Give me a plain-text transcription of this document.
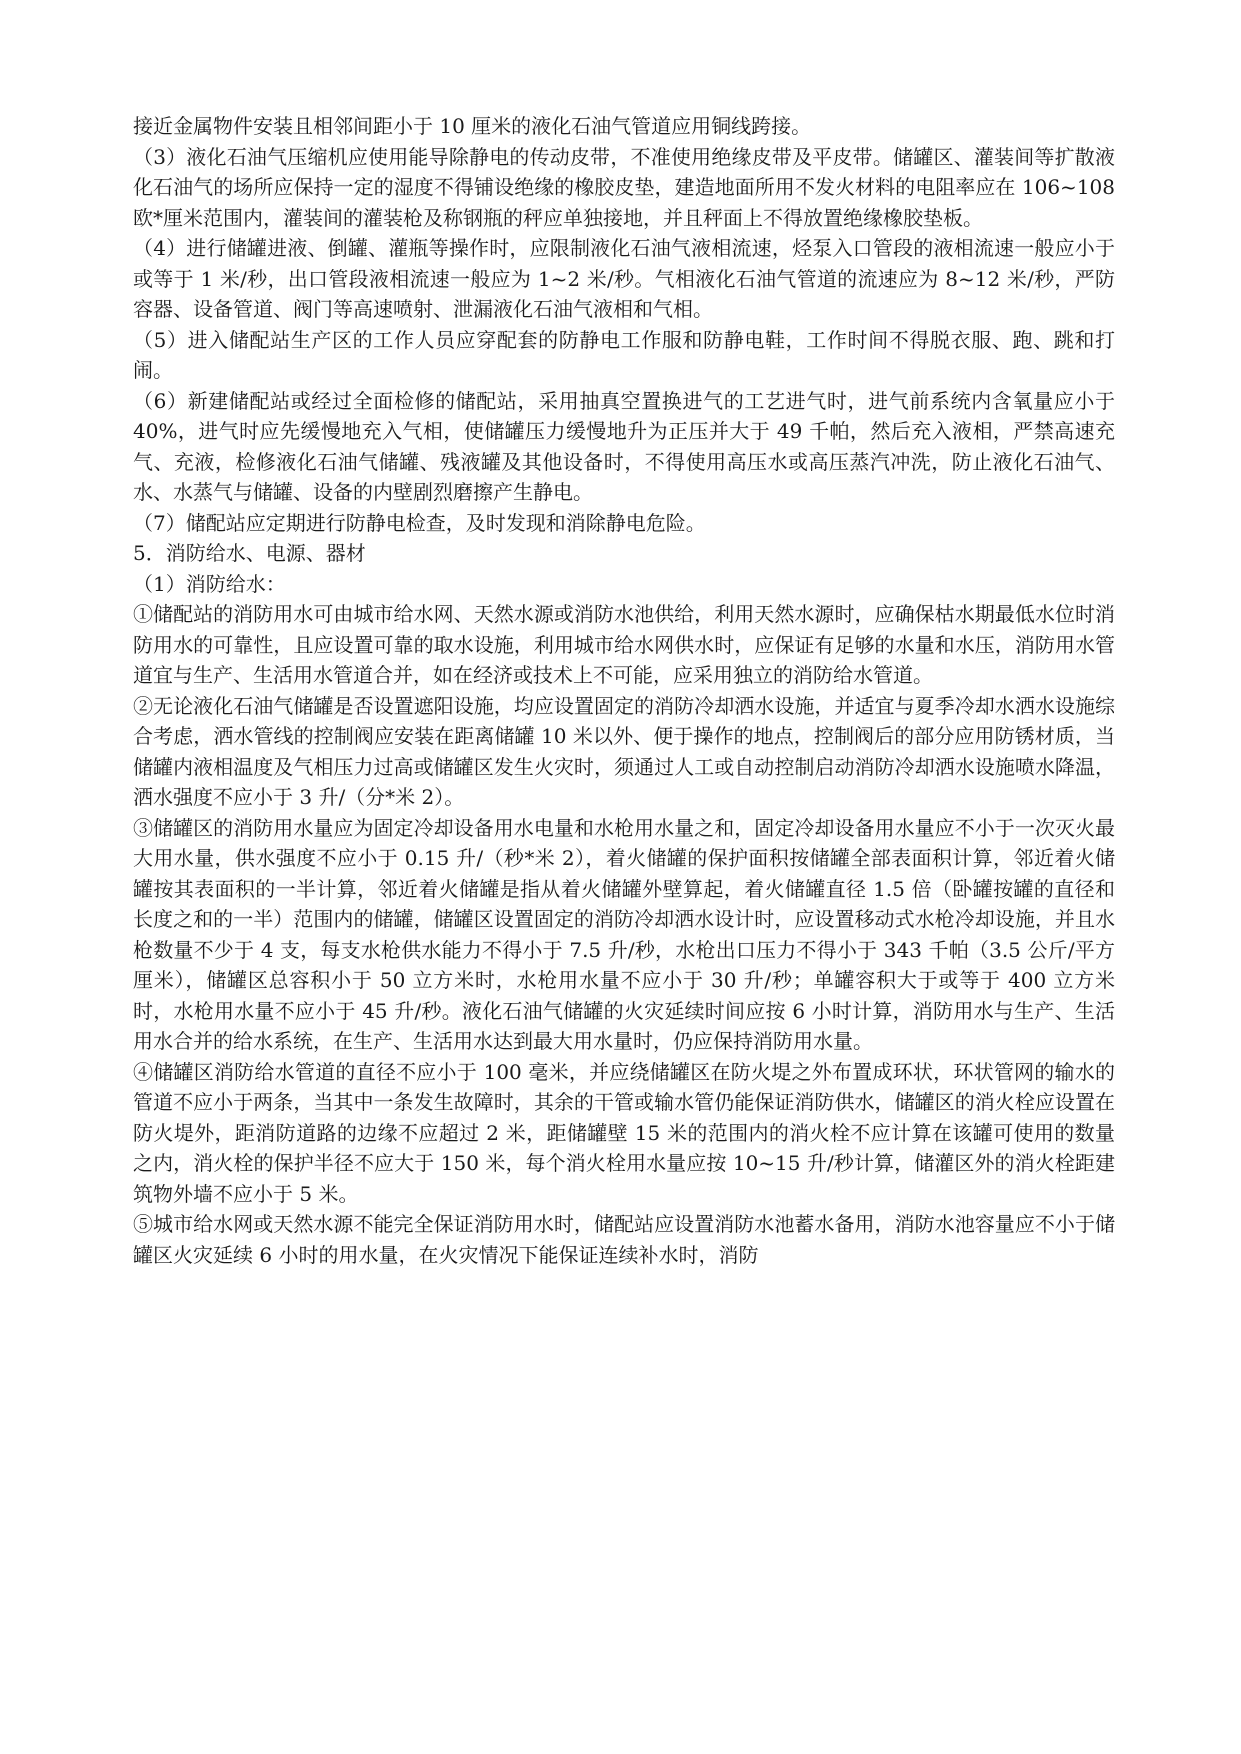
接近金属物件安装且相邻间距小于 10 厘米的液化石油气管道应用铜线跨接。

（3）液化石油气压缩机应使用能导除静电的传动皮带，不准使用绝缘皮带及平皮带。储罐区、灌装间等扩散液化石油气的场所应保持一定的湿度不得铺设绝缘的橡胶皮垫，建造地面所用不发火材料的电阻率应在 106~108 欧*厘米范围内，灌装间的灌装枪及称钢瓶的秤应单独接地，并且秤面上不得放置绝缘橡胶垫板。

（4）进行储罐进液、倒罐、灌瓶等操作时，应限制液化石油气液相流速，烃泵入口管段的液相流速一般应小于或等于 1 米/秒，出口管段液相流速一般应为 1~2 米/秒。气相液化石油气管道的流速应为 8~12 米/秒，严防容器、设备管道、阀门等高速喷射、泄漏液化石油气液相和气相。

（5）进入储配站生产区的工作人员应穿配套的防静电工作服和防静电鞋，工作时间不得脱衣服、跑、跳和打闹。

（6）新建储配站或经过全面检修的储配站，采用抽真空置换进气的工艺进气时，进气前系统内含氧量应小于 40%，进气时应先缓慢地充入气相，使储罐压力缓慢地升为正压并大于 49 千帕，然后充入液相，严禁高速充气、充液，检修液化石油气储罐、残液罐及其他设备时，不得使用高压水或高压蒸汽冲洗，防止液化石油气、水、水蒸气与储罐、设备的内壁剧烈磨擦产生静电。

（7）储配站应定期进行防静电检查，及时发现和消除静电危险。

5．消防给水、电源、器材

（1）消防给水：

①储配站的消防用水可由城市给水网、天然水源或消防水池供给，利用天然水源时，应确保枯水期最低水位时消防用水的可靠性，且应设置可靠的取水设施，利用城市给水网供水时，应保证有足够的水量和水压，消防用水管道宜与生产、生活用水管道合并，如在经济或技术上不可能，应采用独立的消防给水管道。

②无论液化石油气储罐是否设置遮阳设施，均应设置固定的消防冷却洒水设施，并适宜与夏季冷却水洒水设施综合考虑，洒水管线的控制阀应安装在距离储罐 10 米以外、便于操作的地点，控制阀后的部分应用防锈材质，当储罐内液相温度及气相压力过高或储罐区发生火灾时，须通过人工或自动控制启动消防冷却洒水设施喷水降温，洒水强度不应小于 3 升/（分*米 2）。

③储罐区的消防用水量应为固定冷却设备用水电量和水枪用水量之和，固定冷却设备用水量应不小于一次灭火最大用水量，供水强度不应小于 0.15 升/（秒*米 2），着火储罐的保护面积按储罐全部表面积计算，邻近着火储罐按其表面积的一半计算，邻近着火储罐是指从着火储罐外壁算起，着火储罐直径 1.5 倍（卧罐按罐的直径和长度之和的一半）范围内的储罐，储罐区设置固定的消防冷却洒水设计时，应设置移动式水枪冷却设施，并且水枪数量不少于 4 支，每支水枪供水能力不得小于 7.5 升/秒，水枪出口压力不得小于 343 千帕（3.5 公斤/平方厘米），储罐区总容积小于 50 立方米时，水枪用水量不应小于 30 升/秒；单罐容积大于或等于 400 立方米时，水枪用水量不应小于 45 升/秒。液化石油气储罐的火灾延续时间应按 6 小时计算，消防用水与生产、生活用水合并的给水系统，在生产、生活用水达到最大用水量时，仍应保持消防用水量。

④储罐区消防给水管道的直径不应小于 100 毫米，并应绕储罐区在防火堤之外布置成环状，环状管网的输水的管道不应小于两条，当其中一条发生故障时，其余的干管或输水管仍能保证消防供水，储罐区的消火栓应设置在防火堤外，距消防道路的边缘不应超过 2 米，距储罐壁 15 米的范围内的消火栓不应计算在该罐可使用的数量之内，消火栓的保护半径不应大于 150 米，每个消火栓用水量应按 10~15 升/秒计算，储灌区外的消火栓距建筑物外墙不应小于 5 米。

⑤城市给水网或天然水源不能完全保证消防用水时，储配站应设置消防水池蓄水备用，消防水池容量应不小于储罐区火灾延续 6 小时的用水量，在火灾情况下能保证连续补水时，消防
